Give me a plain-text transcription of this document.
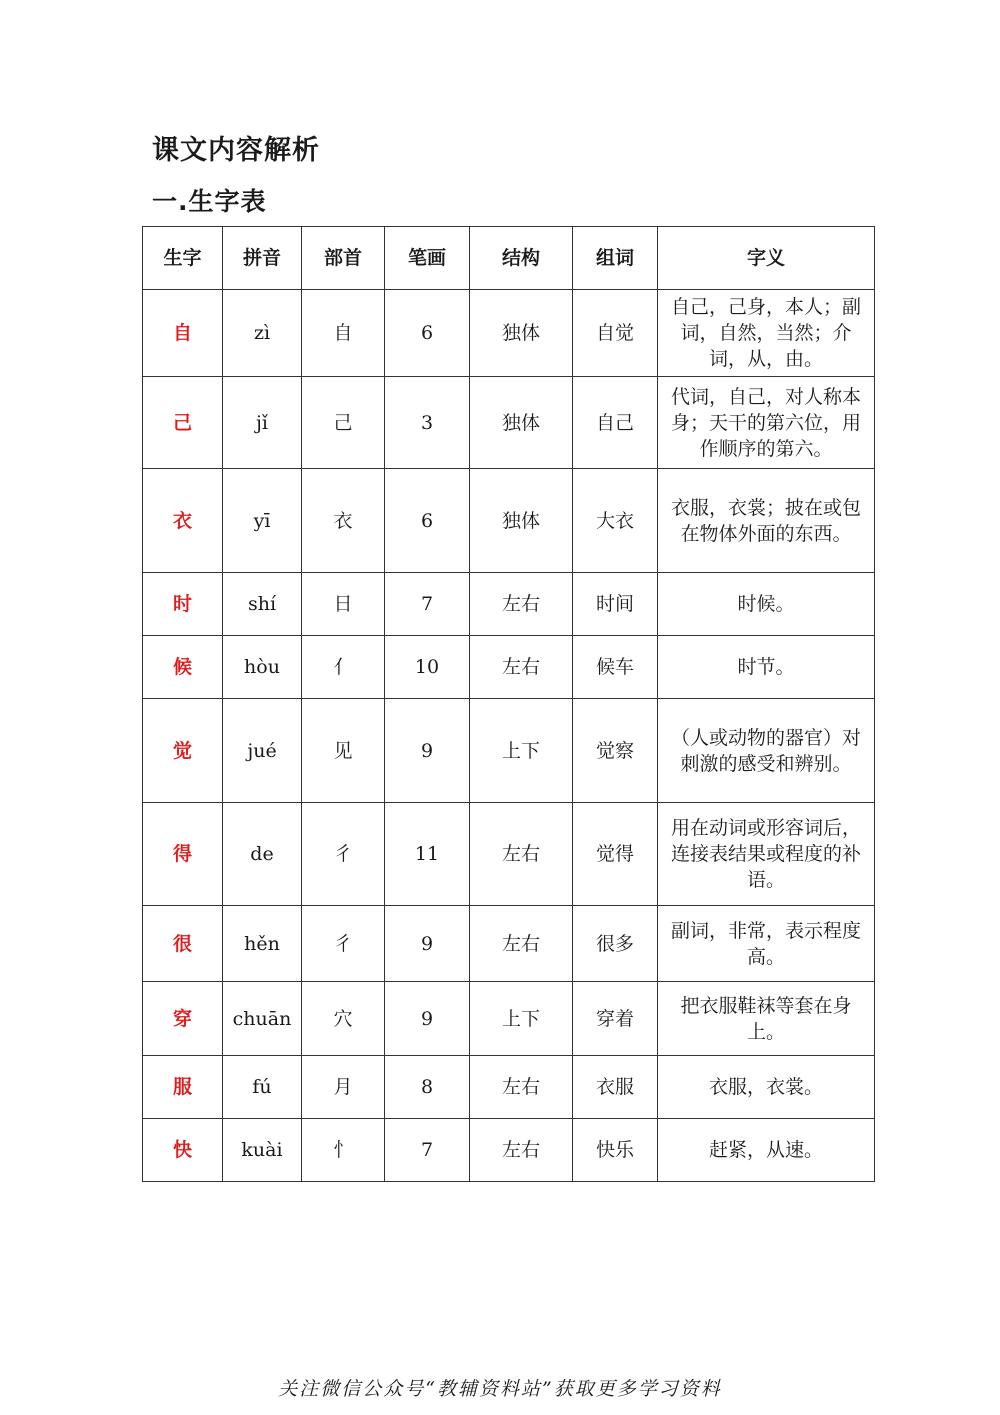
课文内容解析
一.生字表
生字	拼音	部首	笔画	结构	组词	字义
自	zì	自	6	独体	自觉	自己，己身，本人；副词，自然，当然；介词，从，由。
己	jǐ	己	3	独体	自己	代词，自己，对人称本身；天干的第六位，用作顺序的第六。
衣	yī	衣	6	独体	大衣	衣服，衣裳；披在或包在物体外面的东西。
时	shí	日	7	左右	时间	时候。
候	hòu	亻	10	左右	候车	时节。
觉	jué	见	9	上下	觉察	（人或动物的器官）对刺激的感受和辨别。
得	de	彳	11	左右	觉得	用在动词或形容词后，连接表结果或程度的补语。
很	hěn	彳	9	左右	很多	副词，非常，表示程度高。
穿	chuān	穴	9	上下	穿着	把衣服鞋袜等套在身上。
服	fú	月	8	左右	衣服	衣服，衣裳。
快	kuài	忄	7	左右	快乐	赶紧，从速。
关注微信公众号“教辅资料站”获取更多学习资料
